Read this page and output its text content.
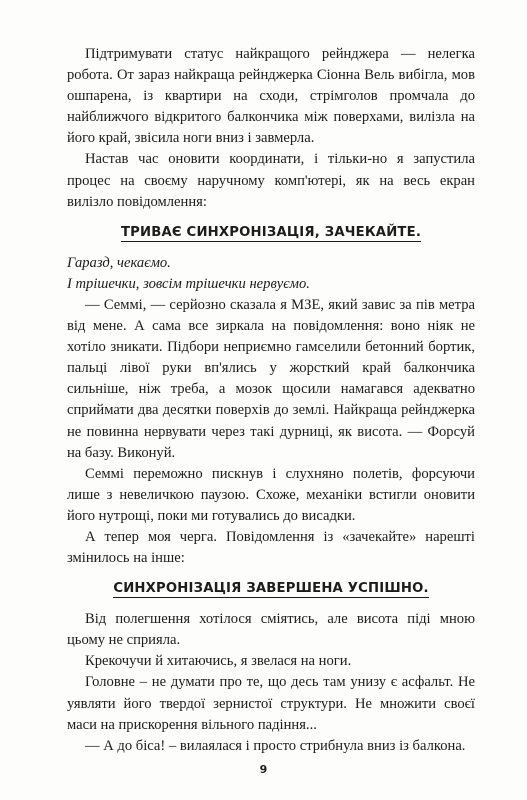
Підтримувати статус найкращого рейнджера — нелегка робота. От зараз найкраща рейнджерка Сіонна Вель вибігла, мов ошпарена, із квартири на сходи, стрімголов промчала до найближчого відкритого балкончика між поверхами, вилізла на його край, звісила ноги вниз і завмерла.

Настав час оновити координати, і тільки-но я запустила процес на своєму наручному комп'ютері, як на весь екран вилізло повідомлення:

ТРИВАЄ СИНХРОНІЗАЦІЯ, ЗАЧЕКАЙТЕ.

Гаразд, чекаємо.

І трішечки, зовсім трішечки нервуємо.

— Семмі, — серйозно сказала я МЗЕ, який завис за пів метра від мене. А сама все зиркала на повідомлення: воно ніяк не хотіло зникати. Підбори неприємно гамселили бетонний бортик, пальці лівої руки вп'ялись у жорсткий край балкончика сильніше, ніж треба, а мозок щосили намагався адекватно сприймати два десятки поверхів до землі. Найкраща рейнджерка не повинна нервувати через такі дурниці, як висота. — Форсуй на базу. Виконуй.

Семмі переможно пискнув і слухняно полетів, форсуючи лише з невеличкою паузою. Схоже, механіки встигли оновити його нутрощі, поки ми готувались до висадки.

А тепер моя черга. Повідомлення із «зачекайте» нарешті змінилось на інше:

СИНХРОНІЗАЦІЯ ЗАВЕРШЕНА УСПІШНО.

Від полегшення хотілося сміятись, але висота піді мною цьому не сприяла.

Крекочучи й хитаючись, я звелася на ноги.

Головне – не думати про те, що десь там унизу є асфальт. Не уявляти його твердої зернистої структури. Не множити своєї маси на прискорення вільного падіння...

— А до біса! – вилаялася і просто стрибнула вниз із балкона.

9
